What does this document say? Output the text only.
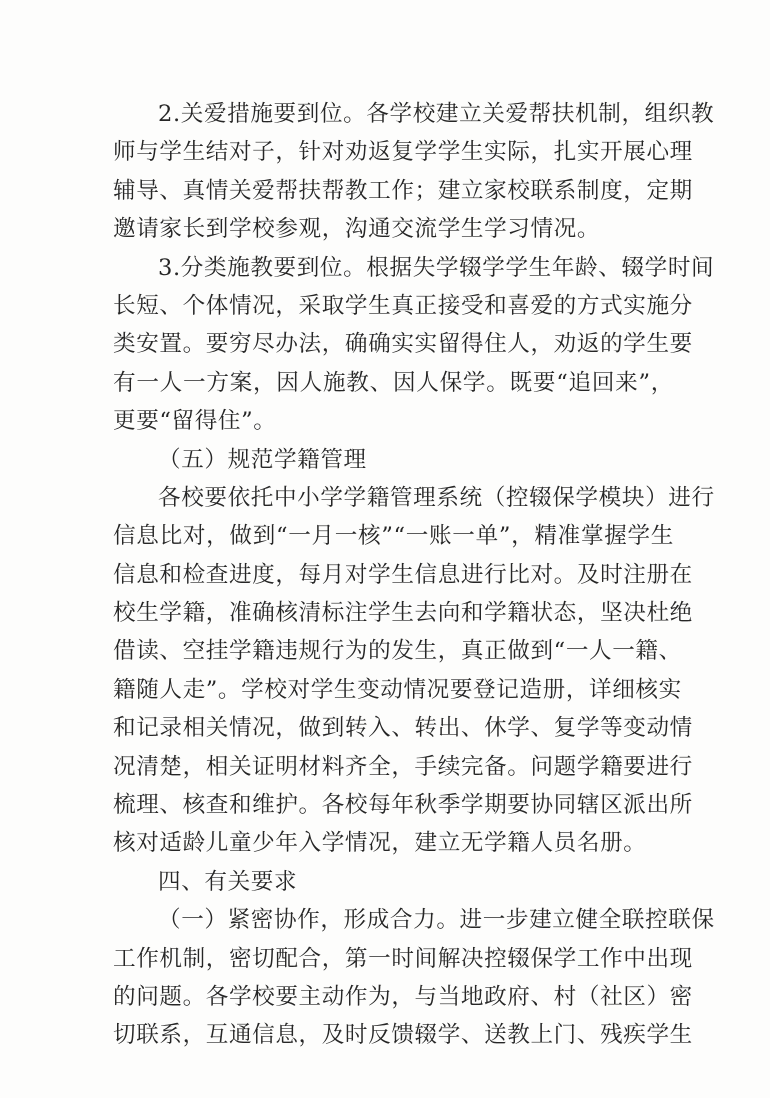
2.关爱措施要到位。各学校建立关爱帮扶机制，组织教
师与学生结对子，针对劝返复学学生实际，扎实开展心理
辅导、真情关爱帮扶帮教工作；建立家校联系制度，定期
邀请家长到学校参观，沟通交流学生学习情况。
3.分类施教要到位。根据失学辍学学生年龄、辍学时间
长短、个体情况，采取学生真正接受和喜爱的方式实施分
类安置。要穷尽办法，确确实实留得住人，劝返的学生要
有一人一方案，因人施教、因人保学。既要“追回来”，
更要“留得住”。
（五）规范学籍管理
各校要依托中小学学籍管理系统（控辍保学模块）进行
信息比对，做到“一月一核”“一账一单”，精准掌握学生
信息和检查进度，每月对学生信息进行比对。及时注册在
校生学籍，准确核清标注学生去向和学籍状态，坚决杜绝
借读、空挂学籍违规行为的发生，真正做到“一人一籍、
籍随人走”。学校对学生变动情况要登记造册，详细核实
和记录相关情况，做到转入、转出、休学、复学等变动情
况清楚，相关证明材料齐全，手续完备。问题学籍要进行
梳理、核查和维护。各校每年秋季学期要协同辖区派出所
核对适龄儿童少年入学情况，建立无学籍人员名册。
四、有关要求
（一）紧密协作，形成合力。进一步建立健全联控联保
工作机制，密切配合，第一时间解决控辍保学工作中出现
的问题。各学校要主动作为，与当地政府、村（社区）密
切联系，互通信息，及时反馈辍学、送教上门、残疾学生
